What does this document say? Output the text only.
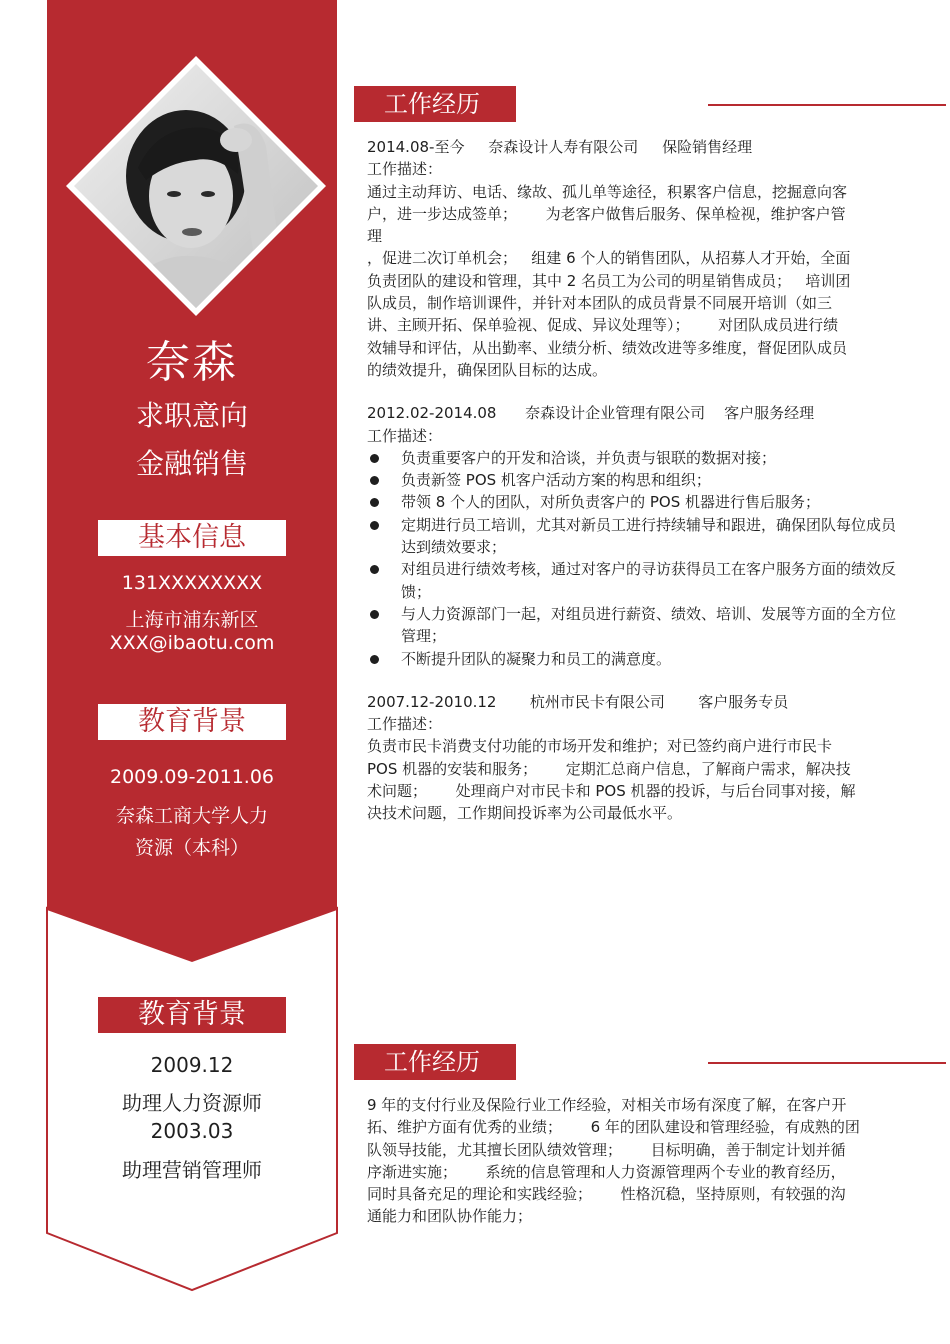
奈森
求职意向
金融销售
基本信息
131XXXXXXXX
上海市浦东新区
XXX@ibaotu.com
教育背景
2009.09-2011.06
奈森工商大学人力
资源（本科）
教育背景
2009.12
助理人力资源师
2003.03
助理营销管理师
工作经历
2014.08-至今     奈森设计人寿有限公司     保险销售经理
工作描述：
通过主动拜访、电话、缘故、孤儿单等途径，积累客户信息，挖掘意向客
户，进一步达成签单；      为老客户做售后服务、保单检视，维护客户管
理
，促进二次订单机会；   组建 6 个人的销售团队，从招募人才开始，全面
负责团队的建设和管理，其中 2 名员工为公司的明星销售成员；   培训团
队成员，制作培训课件，并针对本团队的成员背景不同展开培训（如三
讲、主顾开拓、保单验视、促成、异议处理等）；      对团队成员进行绩
效辅导和评估，从出勤率、业绩分析、绩效改进等多维度，督促团队成员
的绩效提升，确保团队目标的达成。
2012.02-2014.08      奈森设计企业管理有限公司    客户服务经理
工作描述：
负责重要客户的开发和洽谈，并负责与银联的数据对接；
负责新签 POS 机客户活动方案的构思和组织；
带领 8 个人的团队，对所负责客户的 POS 机器进行售后服务；
定期进行员工培训，尤其对新员工进行持续辅导和跟进，确保团队每位成员达到绩效要求；
对组员进行绩效考核，通过对客户的寻访获得员工在客户服务方面的绩效反馈；
与人力资源部门一起，对组员进行薪资、绩效、培训、发展等方面的全方位管理；
不断提升团队的凝聚力和员工的满意度。
2007.12-2010.12       杭州市民卡有限公司       客户服务专员
工作描述：
负责市民卡消费支付功能的市场开发和维护；对已签约商户进行市民卡
POS 机器的安装和服务；      定期汇总商户信息，了解商户需求，解决技
术问题；      处理商户对市民卡和 POS 机器的投诉，与后台同事对接，解
决技术问题，工作期间投诉率为公司最低水平。
工作经历
9 年的支付行业及保险行业工作经验，对相关市场有深度了解，在客户开
拓、维护方面有优秀的业绩；      6 年的团队建设和管理经验，有成熟的团
队领导技能，尤其擅长团队绩效管理；      目标明确，善于制定计划并循
序渐进实施；      系统的信息管理和人力资源管理两个专业的教育经历，
同时具备充足的理论和实践经验；      性格沉稳，坚持原则，有较强的沟
通能力和团队协作能力；
